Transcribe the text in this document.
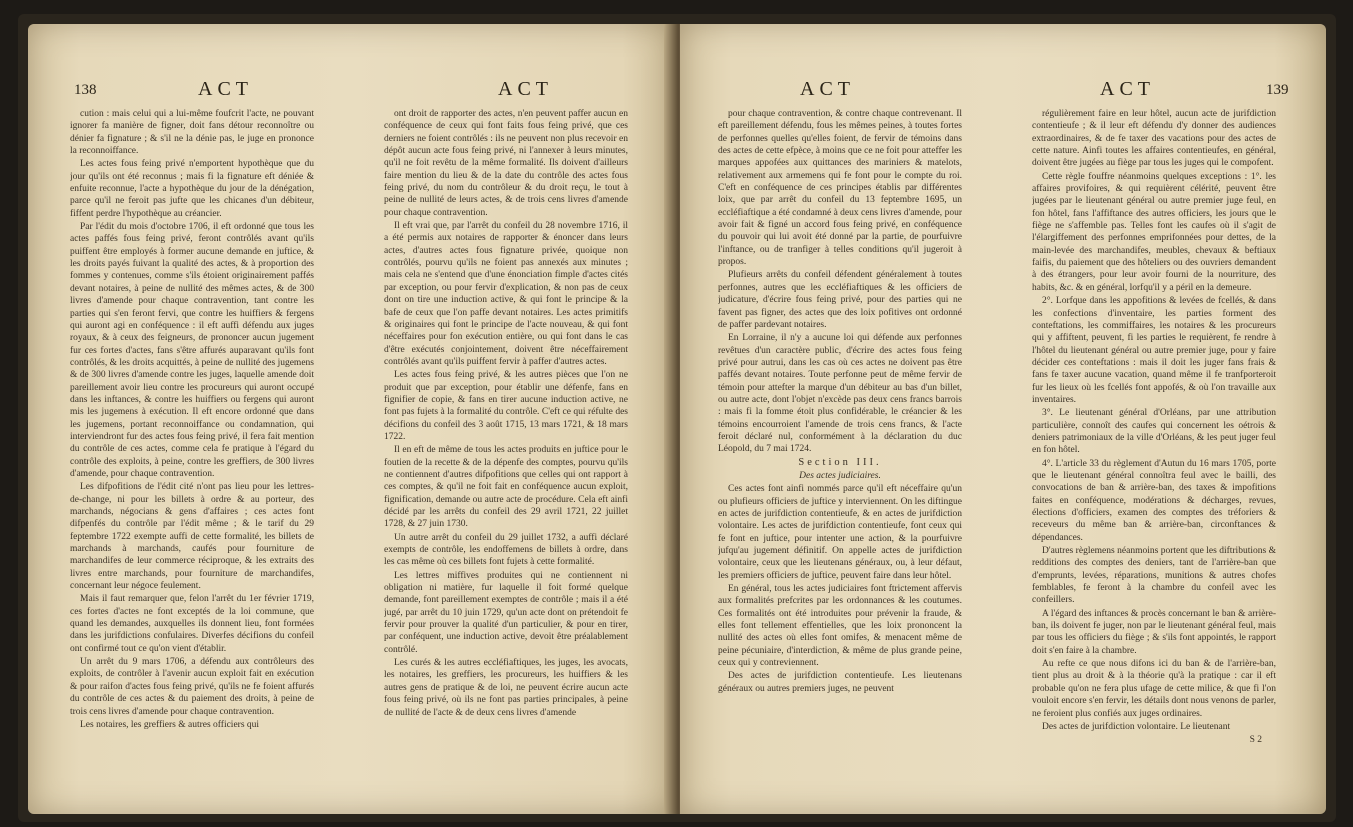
138	ACT	ACT

cution : mais celui qui a lui-même foufcrit l'acte, ne pouvant ignorer fa manière de figner, doit fans détour reconnoître ou dénier fa fignature ; & s'il ne la dénie pas, le juge en prononce la reconnoiffance.

Les actes fous feing privé n'emportent hypothèque que du jour qu'ils ont été reconnus ; mais fi la fignature eft déniée & enfuite reconnue, l'acte a hypothèque du jour de la dénégation, parce qu'il ne feroit pas jufte que les chicanes d'un débiteur, fiffent perdre l'hypothèque au créancier.

Par l'édit du mois d'octobre 1706, il eft ordonné que tous les actes paffés fous feing privé, feront contrôlés avant qu'ils puiffent être employés à former aucune demande en juftice, & les droits payés fuivant la qualité des actes, & à proportion des fommes y contenues, comme s'ils étoient originairement paffés devant notaires, à peine de nullité des mêmes actes, & de 300 livres d'amende pour chaque contravention, tant contre les parties qui s'en feront fervi, que contre les huiffiers & fergens qui auront agi en conféquence : il eft auffi défendu aux juges royaux, & à ceux des feigneurs, de prononcer aucun jugement fur ces fortes d'actes, fans s'être affurés auparavant qu'ils font contrôlés, & les droits acquittés, à peine de nullité des jugemens & de 300 livres d'amende contre les juges, laquelle amende doit pareillement avoir lieu contre les procureurs qui auront occupé dans les inftances, & contre les huiffiers ou fergens qui auront mis les jugemens à exécution. Il eft encore ordonné que dans les jugemens, portant reconnoiffance ou condamnation, qui interviendront fur des actes fous feing privé, il fera fait mention du contrôle de ces actes, comme cela fe pratique à l'égard du contrôle des exploits, à peine, contre les greffiers, de 300 livres d'amende, pour chaque contravention.

Les difpofitions de l'édit cité n'ont pas lieu pour les lettres-de-change, ni pour les billets à ordre & au porteur, des marchands, négocians & gens d'affaires ; ces actes font difpenfés du contrôle par l'édit même ; & le tarif du 29 feptembre 1722 exempte auffi de cette formalité, les billets de marchands à marchands, caufés pour fourniture de marchandifes de leur commerce réciproque, & les extraits des livres entre marchands, pour fourniture de marchandifes, concernant leur négoce feulement.

Mais il faut remarquer que, felon l'arrêt du 1er février 1719, ces fortes d'actes ne font exceptés de la loi commune, que quand les demandes, auxquelles ils donnent lieu, font formées dans les jurifdictions confulaires. Diverfes décifions du confeil ont confirmé tout ce qu'on vient d'établir.

Un arrêt du 9 mars 1706, a défendu aux contrôleurs des exploits, de contrôler à l'avenir aucun exploit fait en exécution & pour raifon d'actes fous feing privé, qu'ils ne fe foient affurés du contrôle de ces actes & du paiement des droits, à peine de trois cens livres d'amende pour chaque contravention.

Les notaires, les greffiers & autres officiers qui

ont droit de rapporter des actes, n'en peuvent paffer aucun en conféquence de ceux qui font faits fous feing privé, que ces derniers ne foient contrôlés : ils ne peuvent non plus recevoir en dépôt aucun acte fous feing privé, ni l'annexer à leurs minutes, qu'il ne foit revêtu de la même formalité. Ils doivent d'ailleurs faire mention du lieu & de la date du contrôle des actes fous feing privé, du nom du contrôleur & du droit reçu, le tout à peine de nullité de leurs actes, & de trois cens livres d'amende pour chaque contravention.

Il eft vrai que, par l'arrêt du confeil du 28 novembre 1716, il a été permis aux notaires de rapporter & énoncer dans leurs actes, d'autres actes fous fignature privée, quoique non contrôlés, pourvu qu'ils ne foient pas annexés aux minutes ; mais cela ne s'entend que d'une énonciation fimple d'actes cités par exception, ou pour fervir d'explication, & non pas de ceux dont on tire une induction active, & qui font le principe & la bafe de ceux que l'on paffe devant notaires. Les actes primitifs & originaires qui font le principe de l'acte nouveau, & qui font néceffaires pour fon exécution entière, ou qui font dans le cas d'être exécutés conjointement, doivent être néceffairement contrôlés avant qu'ils puiffent fervir à paffer d'autres actes.

Les actes fous feing privé, & les autres pièces que l'on ne produit que par exception, pour établir une défenfe, fans en fignifier de copie, & fans en tirer aucune induction active, ne font pas fujets à la formalité du contrôle. C'eft ce qui réfulte des décifions du confeil des 3 août 1715, 13 mars 1721, & 18 mars 1722.

Il en eft de même de tous les actes produits en juftice pour le foutien de la recette & de la dépenfe des comptes, pourvu qu'ils ne contiennent d'autres difpofitions que celles qui ont rapport à ces comptes, & qu'il ne foit fait en conféquence aucun exploit, fignification, demande ou autre acte de procédure. Cela eft ainfi décidé par les arrêts du confeil des 29 avril 1721, 22 juillet 1728, & 27 juin 1730.

Un autre arrêt du confeil du 29 juillet 1732, a auffi déclaré exempts de contrôle, les endoffemens de billets à ordre, dans les cas même où ces billets font fujets à cette formalité.

Les lettres miffives produites qui ne contiennent ni obligation ni matière, fur laquelle il foit formé quelque demande, font pareillement exemptes de contrôle ; mais il a été jugé, par arrêt du 10 juin 1729, qu'un acte dont on prétendoit fe fervir pour prouver la qualité d'un particulier, & pour en tirer, par conféquent, une induction active, devoit être préalablement contrôlé.

Les curés & les autres eccléfiaftiques, les juges, les avocats, les notaires, les greffiers, les procureurs, les huiffiers & les autres gens de pratique & de loi, ne peuvent écrire aucun acte fous feing privé, où ils ne font pas parties principales, à peine de nullité de l'acte & de deux cens livres d'amende

ACT	ACT	139

pour chaque contravention, & contre chaque contrevenant. Il eft pareillement défendu, fous les mêmes peines, à toutes fortes de perfonnes quelles qu'elles foient, de fervir de témoins dans des actes de cette efpèce, à moins que ce ne foit pour atteffer les marques appofées aux quittances des mariniers & matelots, relativement aux armemens qui fe font pour le compte du roi. C'eft en conféquence de ces principes établis par différentes loix, que par arrêt du confeil du 13 feptembre 1695, un eccléfiaftique a été condamné à deux cens livres d'amende, pour avoir fait & figné un accord fous feing privé, en conféquence du pouvoir qui lui avoit été donné par la partie, de pourfuivre l'inftance, ou de tranfiger à telles conditions qu'il jugeroit à propos.

Plufieurs arrêts du confeil défendent généralement à toutes perfonnes, autres que les eccléfiaftiques & les officiers de judicature, d'écrire fous feing privé, pour des parties qui ne favent pas figner, des actes que des loix pofitives ont ordonné de paffer pardevant notaires.

En Lorraine, il n'y a aucune loi qui défende aux perfonnes revêtues d'un caractère public, d'écrire des actes fous feing privé pour autrui, dans les cas où ces actes ne doivent pas être paffés devant notaires. Toute perfonne peut de même fervir de témoin pour attefter la marque d'un débiteur au bas d'un billet, ou autre acte, dont l'objet n'excède pas deux cens francs barrois : mais fi la fomme étoit plus confidérable, le créancier & les témoins encourroient l'amende de trois cens francs, & l'acte feroit déclaré nul, conformément à la déclaration du duc Léopold, du 7 mai 1724.

Section III.

Des actes judiciaires.

Ces actes font ainfi nommés parce qu'il eft néceffaire qu'un ou plufieurs officiers de juftice y interviennent. On les diftingue en actes de jurifdiction contentieufe, & en actes de jurifdiction volontaire. Les actes de jurifdiction contentieufe, font ceux qui fe font en juftice, pour intenter une action, & la pourfuivre jufqu'au jugement définitif. On appelle actes de jurifdiction volontaire, ceux que les lieutenans généraux, ou, à leur défaut, les premiers officiers de juftice, peuvent faire dans leur hôtel.

En général, tous les actes judiciaires font ftrictement affervis aux formalités prefcrites par les ordonnances & les coutumes. Ces formalités ont été introduites pour prévenir la fraude, & elles font tellement effentielles, que les loix prononcent la nullité des actes où elles font omifes, & menacent même de peine pécuniaire, d'interdiction, & même de plus grande peine, ceux qui y contreviennent.

Des actes de jurifdiction contentieufe. Les lieutenans généraux ou autres premiers juges, ne peuvent

régulièrement faire en leur hôtel, aucun acte de jurifdiction contentieufe ; & il leur eft défendu d'y donner des audiences extraordinaires, & de fe taxer des vacations pour des actes de cette nature. Ainfi toutes les affaires contentieufes, en général, doivent être jugées au fiège par tous les juges qui le compofent.

Cette règle fouffre néanmoins quelques exceptions : 1°. les affaires provifoires, & qui requièrent célérité, peuvent être jugées par le lieutenant général ou autre premier juge feul, en fon hôtel, fans l'affiftance des autres officiers, les jours que le fiège ne s'affemble pas. Telles font les caufes où il s'agit de l'élargiffement des perfonnes emprifonnées pour dettes, de la main-levée des marchandifes, meubles, chevaux & beftiaux faifis, du paiement que des hôteliers ou des ouvriers demandent à des étrangers, pour leur avoir fourni de la nourriture, des habits, &c. & en général, lorfqu'il y a péril en la demeure.

2°. Lorfque dans les appofitions & levées de fcellés, & dans les confections d'inventaire, les parties forment des conteftations, les commiffaires, les notaires & les procureurs qui y affiftent, peuvent, fi les parties le requièrent, fe rendre à l'hôtel du lieutenant général ou autre premier juge, pour y faire décider ces conteftations : mais il doit les juger fans frais & fans fe taxer aucune vacation, quand même il fe tranfporteroit fur les lieux où les fcellés font appofés, & où l'on travaille aux inventaires.

3°. Le lieutenant général d'Orléans, par une attribution particulière, connoît des caufes qui concernent les oétrois & deniers patrimoniaux de la ville d'Orléans, & les peut juger feul en fon hôtel.

4°. L'article 33 du règlement d'Autun du 16 mars 1705, porte que le lieutenant général connoîtra feul avec le bailli, des convocations de ban & arrière-ban, des taxes & impofitions faites en conféquence, modérations & décharges, revues, élections d'officiers, examen des comptes des tréforiers & receveurs du même ban & arrière-ban, circonftances & dépendances.

D'autres règlemens néanmoins portent que les diftributions & redditions des comptes des deniers, tant de l'arrière-ban que d'emprunts, levées, réparations, munitions & autres chofes femblables, fe feront à la chambre du confeil avec les confeillers.

A l'égard des inftances & procès concernant le ban & arrière-ban, ils doivent fe juger, non par le lieutenant général feul, mais par tous les officiers du fiège ; & s'ils font appointés, le rapport doit s'en faire à la chambre.

Au refte ce que nous difons ici du ban & de l'arrière-ban, tient plus au droit & à la théorie qu'à la pratique : car il eft probable qu'on ne fera plus ufage de cette milice, & que fi l'on vouloit encore s'en fervir, les détails dont nous venons de parler, ne feroient plus confiés aux juges ordinaires.

Des actes de jurifdiction volontaire. Le lieutenant

S 2
